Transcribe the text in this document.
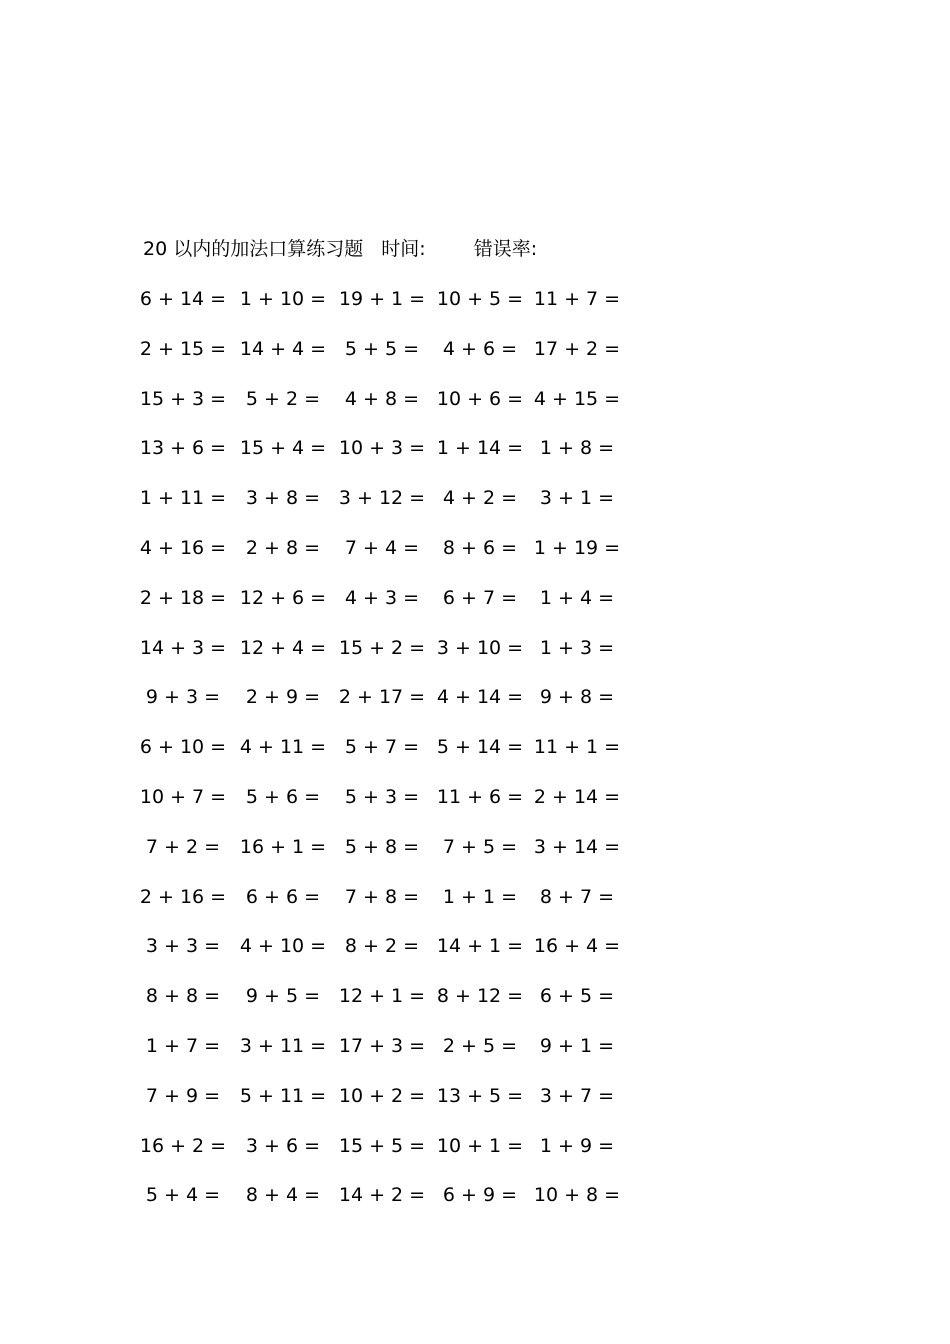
20 以内的加法口算练习题 时间:	错误率:
6 + 14 = 1 + 10 = 19 + 1 = 10 + 5 = 11 + 7 =
2 + 15 = 14 + 4 = 5 + 5 = 4 + 6 = 17 + 2 =
15 + 3 = 5 + 2 = 4 + 8 = 10 + 6 = 4 + 15 =
13 + 6 = 15 + 4 = 10 + 3 = 1 + 14 = 1 + 8 =
1 + 11 = 3 + 8 = 3 + 12 = 4 + 2 = 3 + 1 =
4 + 16 = 2 + 8 = 7 + 4 = 8 + 6 = 1 + 19 =
2 + 18 = 12 + 6 = 4 + 3 = 6 + 7 = 1 + 4 =
14 + 3 = 12 + 4 = 15 + 2 = 3 + 10 = 1 + 3 =
9 + 3 = 2 + 9 = 2 + 17 = 4 + 14 = 9 + 8 =
6 + 10 = 4 + 11 = 5 + 7 = 5 + 14 = 11 + 1 =
10 + 7 = 5 + 6 = 5 + 3 = 11 + 6 = 2 + 14 =
7 + 2 = 16 + 1 = 5 + 8 = 7 + 5 = 3 + 14 =
2 + 16 = 6 + 6 = 7 + 8 = 1 + 1 = 8 + 7 =
3 + 3 = 4 + 10 = 8 + 2 = 14 + 1 = 16 + 4 =
8 + 8 = 9 + 5 = 12 + 1 = 8 + 12 = 6 + 5 =
1 + 7 = 3 + 11 = 17 + 3 = 2 + 5 = 9 + 1 =
7 + 9 = 5 + 11 = 10 + 2 = 13 + 5 = 3 + 7 =
16 + 2 = 3 + 6 = 15 + 5 = 10 + 1 = 1 + 9 =
5 + 4 = 8 + 4 = 14 + 2 = 6 + 9 = 10 + 8 =
